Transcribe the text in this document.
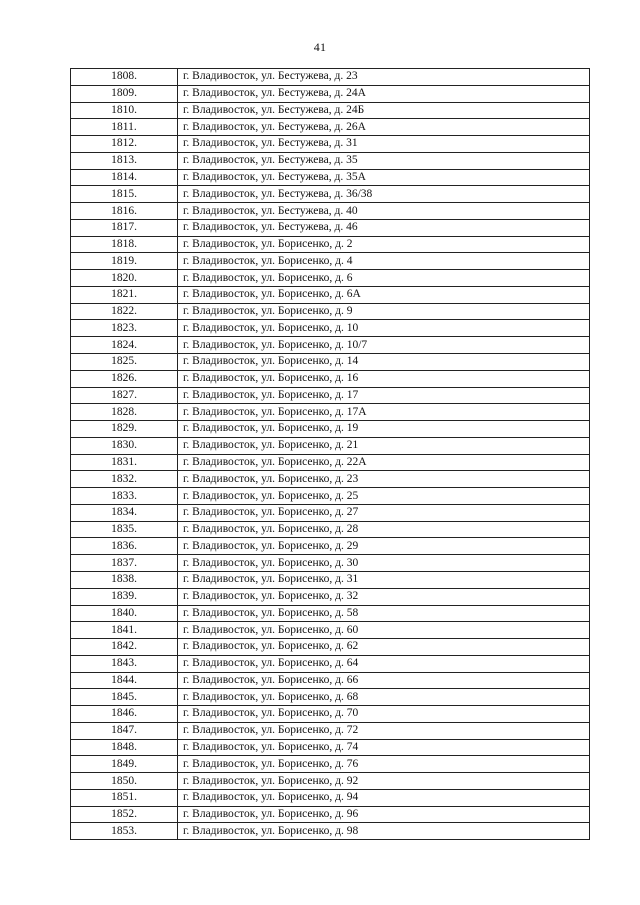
41
1808.	г. Владивосток, ул. Бестужева, д. 23
1809.	г. Владивосток, ул. Бестужева, д. 24А
1810.	г. Владивосток, ул. Бестужева, д. 24Б
1811.	г. Владивосток, ул. Бестужева, д. 26А
1812.	г. Владивосток, ул. Бестужева, д. 31
1813.	г. Владивосток, ул. Бестужева, д. 35
1814.	г. Владивосток, ул. Бестужева, д. 35А
1815.	г. Владивосток, ул. Бестужева, д. 36/38
1816.	г. Владивосток, ул. Бестужева, д. 40
1817.	г. Владивосток, ул. Бестужева, д. 46
1818.	г. Владивосток, ул. Борисенко, д. 2
1819.	г. Владивосток, ул. Борисенко, д. 4
1820.	г. Владивосток, ул. Борисенко, д. 6
1821.	г. Владивосток, ул. Борисенко, д. 6А
1822.	г. Владивосток, ул. Борисенко, д. 9
1823.	г. Владивосток, ул. Борисенко, д. 10
1824.	г. Владивосток, ул. Борисенко, д. 10/7
1825.	г. Владивосток, ул. Борисенко, д. 14
1826.	г. Владивосток, ул. Борисенко, д. 16
1827.	г. Владивосток, ул. Борисенко, д. 17
1828.	г. Владивосток, ул. Борисенко, д. 17А
1829.	г. Владивосток, ул. Борисенко, д. 19
1830.	г. Владивосток, ул. Борисенко, д. 21
1831.	г. Владивосток, ул. Борисенко, д. 22А
1832.	г. Владивосток, ул. Борисенко, д. 23
1833.	г. Владивосток, ул. Борисенко, д. 25
1834.	г. Владивосток, ул. Борисенко, д. 27
1835.	г. Владивосток, ул. Борисенко, д. 28
1836.	г. Владивосток, ул. Борисенко, д. 29
1837.	г. Владивосток, ул. Борисенко, д. 30
1838.	г. Владивосток, ул. Борисенко, д. 31
1839.	г. Владивосток, ул. Борисенко, д. 32
1840.	г. Владивосток, ул. Борисенко, д. 58
1841.	г. Владивосток, ул. Борисенко, д. 60
1842.	г. Владивосток, ул. Борисенко, д. 62
1843.	г. Владивосток, ул. Борисенко, д. 64
1844.	г. Владивосток, ул. Борисенко, д. 66
1845.	г. Владивосток, ул. Борисенко, д. 68
1846.	г. Владивосток, ул. Борисенко, д. 70
1847.	г. Владивосток, ул. Борисенко, д. 72
1848.	г. Владивосток, ул. Борисенко, д. 74
1849.	г. Владивосток, ул. Борисенко, д. 76
1850.	г. Владивосток, ул. Борисенко, д. 92
1851.	г. Владивосток, ул. Борисенко, д. 94
1852.	г. Владивосток, ул. Борисенко, д. 96
1853.	г. Владивосток, ул. Борисенко, д. 98
